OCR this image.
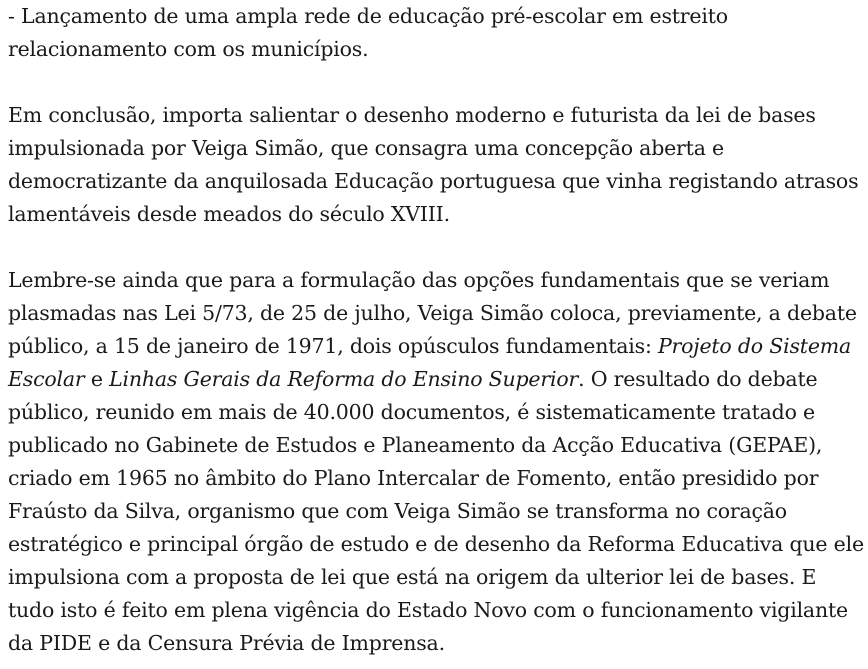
- Lançamento de uma ampla rede de educação pré-escolar em estreito relacionamento com os municípios.

Em conclusão, importa salientar o desenho moderno e futurista da lei de bases impulsionada por Veiga Simão, que consagra uma concepção aberta e democratizante da anquilosada Educação portuguesa que vinha registando atrasos lamentáveis desde meados do século XVIII.

Lembre-se ainda que para a formulação das opções fundamentais que se veriam plasmadas nas Lei 5/73, de 25 de julho, Veiga Simão coloca, previamente, a debate público, a 15 de janeiro de 1971, dois opúsculos fundamentais: Projeto do Sistema Escolar e Linhas Gerais da Reforma do Ensino Superior. O resultado do debate público, reunido em mais de 40.000 documentos, é sistematicamente tratado e publicado no Gabinete de Estudos e Planeamento da Acção Educativa (GEPAE), criado em 1965 no âmbito do Plano Intercalar de Fomento, então presidido por Fraústo da Silva, organismo que com Veiga Simão se transforma no coração estratégico e principal órgão de estudo e de desenho da Reforma Educativa que ele impulsiona com a proposta de lei que está na origem da ulterior lei de bases. E tudo isto é feito em plena vigência do Estado Novo com o funcionamento vigilante da PIDE e da Censura Prévia de Imprensa.
